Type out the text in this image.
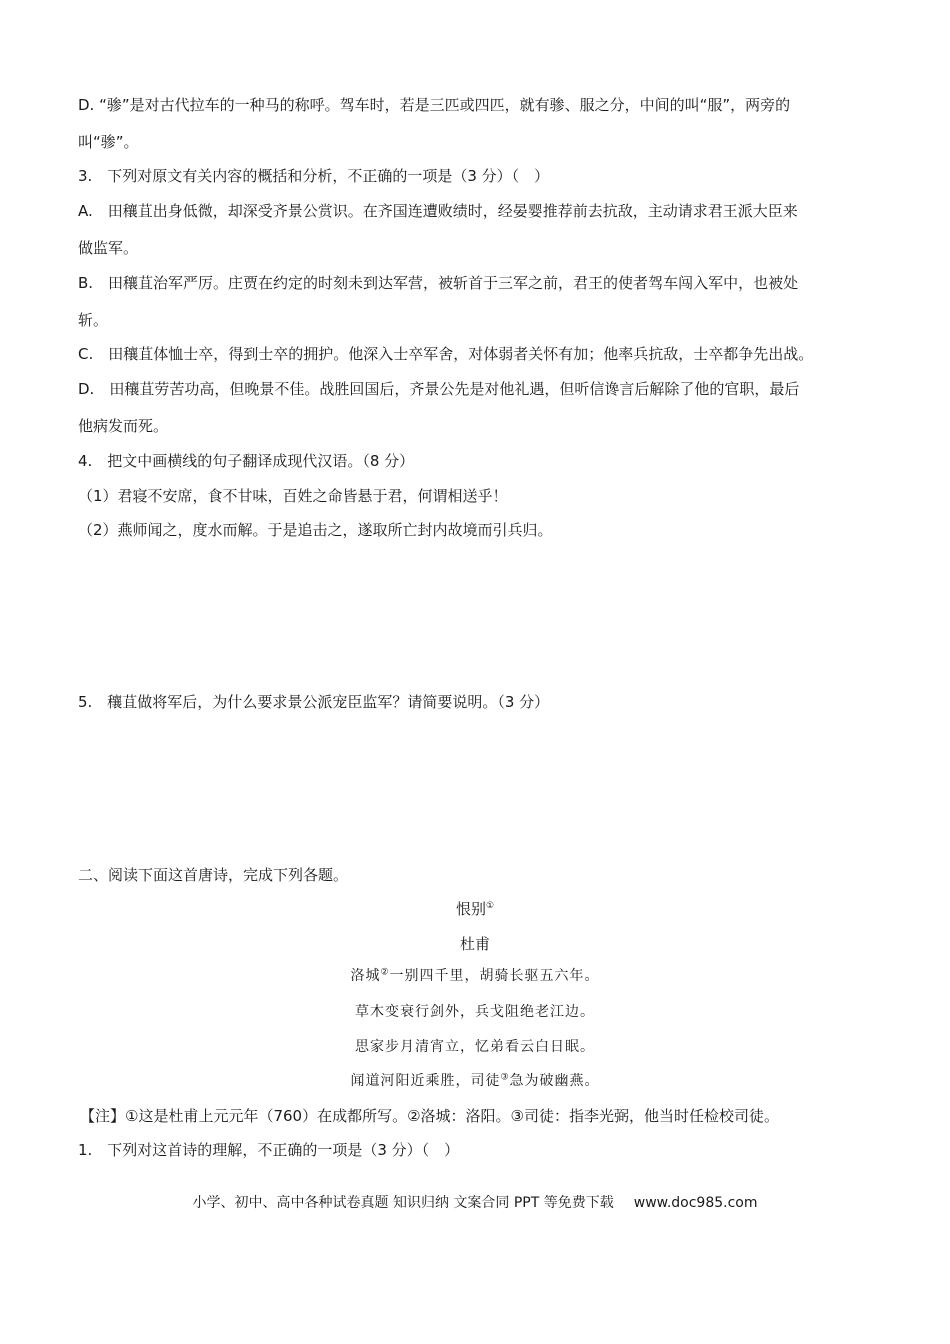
D. “骖”是对古代拉车的一种马的称呼。驾车时，若是三匹或四匹，就有骖、服之分，中间的叫“服”，两旁的
叫“骖”。
3.　下列对原文有关内容的概括和分析，不正确的一项是（3 分）（　）
A.　田穰苴出身低微，却深受齐景公赏识。在齐国连遭败绩时，经晏婴推荐前去抗敌，主动请求君王派大臣来
做监军。
B.　田穰苴治军严厉。庄贾在约定的时刻未到达军营，被斩首于三军之前，君王的使者驾车闯入军中，也被处
斩。
C.　田穰苴体恤士卒，得到士卒的拥护。他深入士卒军舍，对体弱者关怀有加；他率兵抗敌，士卒都争先出战。
D.　田穰苴劳苦功高，但晚景不佳。战胜回国后，齐景公先是对他礼遇，但听信谗言后解除了他的官职，最后
他病发而死。
4.　把文中画横线的句子翻译成现代汉语。（8 分）
（1）君寝不安席，食不甘味，百姓之命皆悬于君，何谓相送乎！
（2）燕师闻之，度水而解。于是追击之，遂取所亡封内故境而引兵归。
5.　穰苴做将军后，为什么要求景公派宠臣监军？请简要说明。（3 分）
二、阅读下面这首唐诗，完成下列各题。
恨别①
杜甫
洛城②一别四千里，胡骑长驱五六年。
草木变衰行剑外，兵戈阻绝老江边。
思家步月清宵立，忆弟看云白日眠。
闻道河阳近乘胜，司徒③急为破幽燕。
【注】①这是杜甫上元元年（760）在成都所写。②洛城：洛阳。③司徒：指李光弼，他当时任检校司徒。
1.　下列对这首诗的理解，不正确的一项是（3 分）（　）
小学、初中、高中各种试卷真题 知识归纳 文案合同 PPT 等免费下载 www.doc985.com
